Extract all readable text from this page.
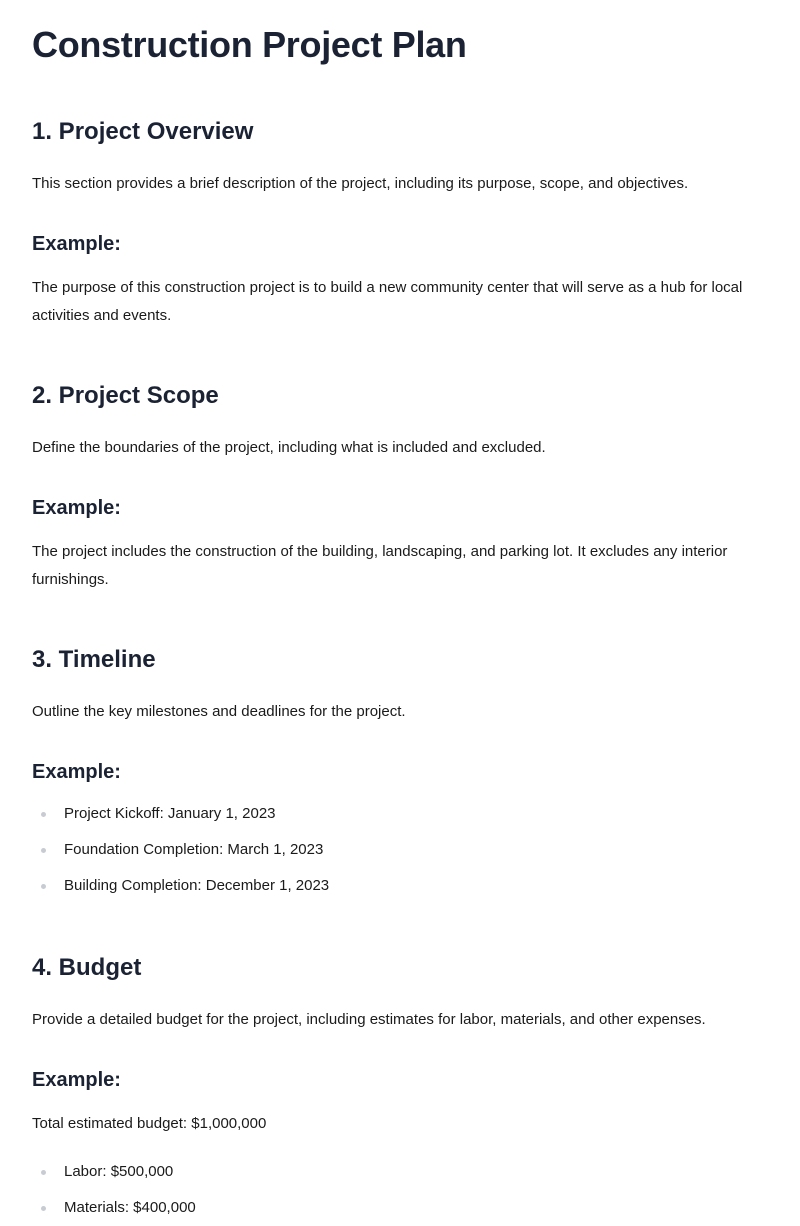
Construction Project Plan
1. Project Overview

This section provides a brief description of the project, including its purpose, scope, and objectives.

Example:

The purpose of this construction project is to build a new community center that will serve as a hub for local activities and events.

2. Project Scope

Define the boundaries of the project, including what is included and excluded.

Example:

The project includes the construction of the building, landscaping, and parking lot. It excludes any interior furnishings.

3. Timeline

Outline the key milestones and deadlines for the project.

Example:
Project Kickoff: January 1, 2023
Foundation Completion: March 1, 2023
Building Completion: December 1, 2023
4. Budget

Provide a detailed budget for the project, including estimates for labor, materials, and other expenses.

Example:

Total estimated budget: $1,000,000

Labor: $500,000
Materials: $400,000
